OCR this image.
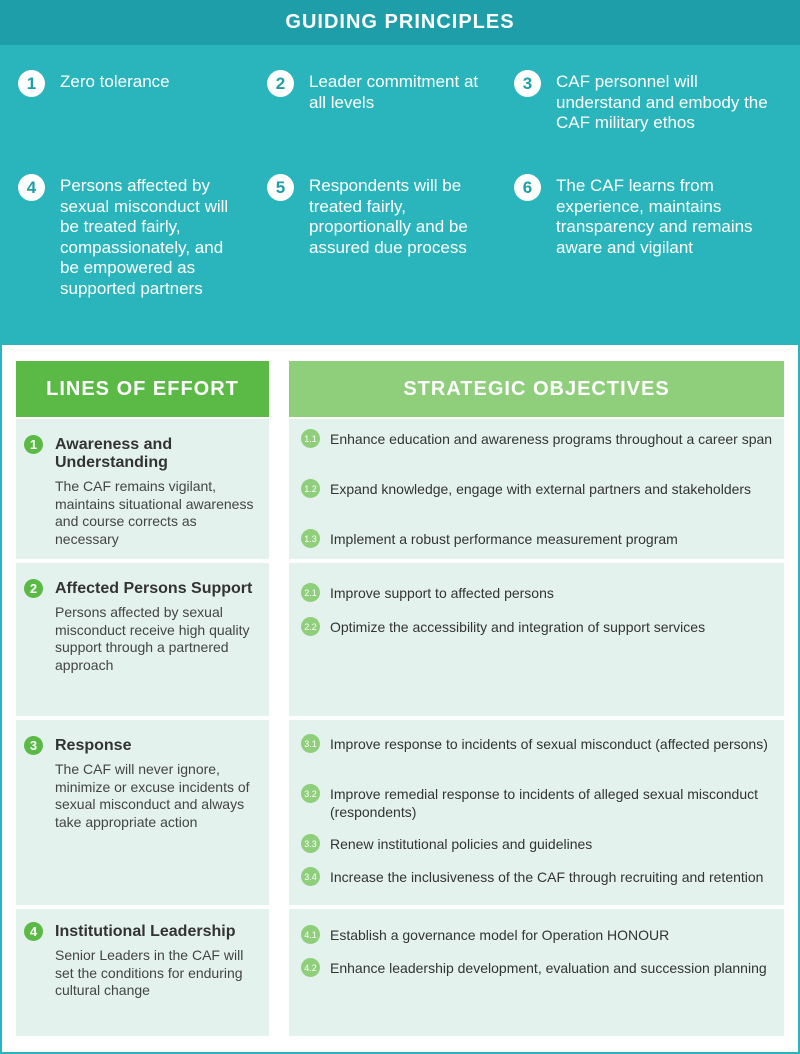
GUIDING PRINCIPLES
1	Zero tolerance	2	Leader commitment at all levels
3	CAF personnel will understand and embody the CAF military ethos
4	Persons affected by sexual misconduct will be treated fairly, compassionately, and be empowered as supported partners
5	Respondents will be treated fairly, proportionally and be assured due process
6	The CAF learns from experience, maintains transparency and remains aware and vigilant
LINES OF EFFORT	STRATEGIC OBJECTIVES
1	Awareness and Understanding
The CAF remains vigilant, maintains situational awareness and course corrects as necessary
1.1 Enhance education and awareness programs throughout a career span
1.2 Expand knowledge, engage with external partners and stakeholders
1.3 Implement a robust performance measurement program
2	Affected Persons Support
Persons affected by sexual misconduct receive high quality support through a partnered approach
2.1 Improve support to affected persons
2.2 Optimize the accessibility and integration of support services
3	Response
The CAF will never ignore, minimize or excuse incidents of sexual misconduct and always take appropriate action
3.1 Improve response to incidents of sexual misconduct (affected persons)
3.2 Improve remedial response to incidents of alleged sexual misconduct (respondents)
3.3 Renew institutional policies and guidelines
3.4 Increase the inclusiveness of the CAF through recruiting and retention
4	Institutional Leadership
Senior Leaders in the CAF will set the conditions for enduring cultural change
4.1 Establish a governance model for Operation HONOUR
4.2 Enhance leadership development, evaluation and succession planning
